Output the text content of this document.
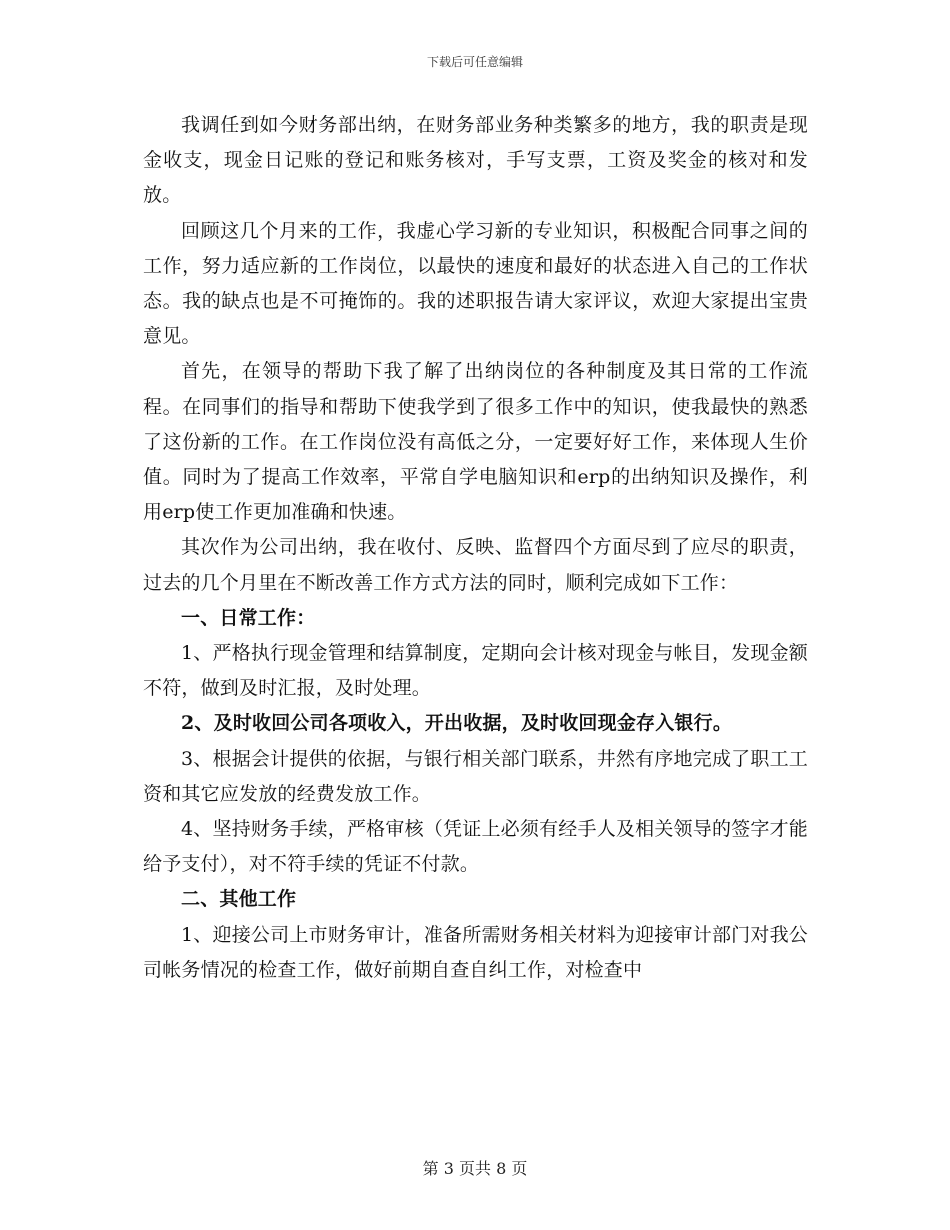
下载后可任意编辑

我调任到如今财务部出纳，在财务部业务种类繁多的地方，我的职责是现金收支，现金日记账的登记和账务核对，手写支票，工资及奖金的核对和发放。

回顾这几个月来的工作，我虚心学习新的专业知识，积极配合同事之间的工作，努力适应新的工作岗位，以最快的速度和最好的状态进入自己的工作状态。我的缺点也是不可掩饰的。我的述职报告请大家评议，欢迎大家提出宝贵意见。

首先，在领导的帮助下我了解了出纳岗位的各种制度及其日常的工作流程。在同事们的指导和帮助下使我学到了很多工作中的知识，使我最快的熟悉了这份新的工作。在工作岗位没有高低之分，一定要好好工作，来体现人生价值。同时为了提高工作效率，平常自学电脑知识和erp的出纳知识及操作，利用erp使工作更加准确和快速。

其次作为公司出纳，我在收付、反映、监督四个方面尽到了应尽的职责，过去的几个月里在不断改善工作方式方法的同时，顺利完成如下工作：

一、日常工作：

1、严格执行现金管理和结算制度，定期向会计核对现金与帐目，发现金额不符，做到及时汇报，及时处理。

2、及时收回公司各项收入，开出收据，及时收回现金存入银行。

3、根据会计提供的依据，与银行相关部门联系，井然有序地完成了职工工资和其它应发放的经费发放工作。

4、坚持财务手续，严格审核（凭证上必须有经手人及相关领导的签字才能给予支付），对不符手续的凭证不付款。

二、其他工作

1、迎接公司上市财务审计，准备所需财务相关材料为迎接审计部门对我公司帐务情况的检查工作，做好前期自查自纠工作，对检查中

第 3 页共 8 页
